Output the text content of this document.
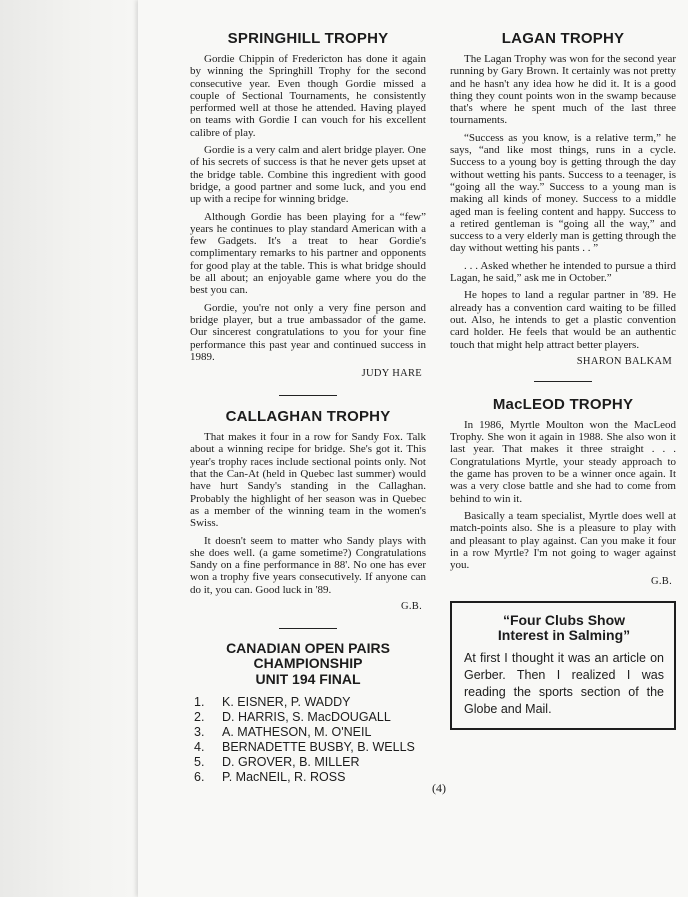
SPRINGHILL TROPHY

Gordie Chippin of Fredericton has done it again by winning the Springhill Trophy for the second consecutive year. Even though Gordie missed a couple of Sectional Tournaments, he consistently performed well at those he attended. Having played on teams with Gordie I can vouch for his excellent calibre of play.

Gordie is a very calm and alert bridge player. One of his secrets of success is that he never gets upset at the bridge table. Combine this ingredient with good bridge, a good partner and some luck, and you end up with a recipe for winning bridge.

Although Gordie has been playing for a “few” years he continues to play standard American with a few Gadgets. It's a treat to hear Gordie's complimentary remarks to his partner and opponents for good play at the table. This is what bridge should be all about; an enjoyable game where you do the best you can.

Gordie, you're not only a very fine person and bridge player, but a true ambassador of the game. Our sincerest congratulations to you for your fine performance this past year and continued success in 1989.

JUDY HARE
CALLAGHAN TROPHY

That makes it four in a row for Sandy Fox. Talk about a winning recipe for bridge. She's got it. This year's trophy races include sectional points only. Not that the Can-At (held in Quebec last summer) would have hurt Sandy's standing in the Callaghan. Probably the highlight of her season was in Quebec as a member of the winning team in the women's Swiss.

It doesn't seem to matter who Sandy plays with she does well. (a game sometime?) Congratulations Sandy on a fine performance in 88'. No one has ever won a trophy five years consecutively. If anyone can do it, you can. Good luck in '89.

G.B.
CANADIAN OPEN PAIRS
CHAMPIONSHIP
UNIT 194 FINAL
1.	K. EISNER, P. WADDY
2.	D. HARRIS, S. MacDOUGALL
3.	A. MATHESON, M. O'NEIL
4.	BERNADETTE BUSBY, B. WELLS
5.	D. GROVER, B. MILLER
6.	P. MacNEIL, R. ROSS
LAGAN TROPHY

The Lagan Trophy was won for the second year running by Gary Brown. It certainly was not pretty and he hasn't any idea how he did it. It is a good thing they count points won in the swamp because that's where he spent much of the last three tournaments.

“Success as you know, is a relative term,” he says, “and like most things, runs in a cycle. Success to a young boy is getting through the day without wetting his pants. Success to a teenager, is “going all the way.” Success to a young man is making all kinds of money. Success to a middle aged man is feeling content and happy. Success to a retired gentleman is “going all the way,” and success to a very elderly man is getting through the day without wetting his pants . . ”

. . . Asked whether he intended to pursue a third Lagan, he said,” ask me in October.”

He hopes to land a regular partner in '89. He already has a convention card waiting to be filled out. Also, he intends to get a plastic convention card holder. He feels that would be an authentic touch that might help attract better players.

SHARON BALKAM
MacLEOD TROPHY

In 1986, Myrtle Moulton won the MacLeod Trophy. She won it again in 1988. She also won it last year. That makes it three straight . . . Congratulations Myrtle, your steady approach to the game has proven to be a winner once again. It was a very close battle and she had to come from behind to win it.

Basically a team specialist, Myrtle does well at match-points also. She is a pleasure to play with and pleasant to play against. Can you make it four in a row Myrtle? I'm not going to wager against you.

G.B.
“Four Clubs Show
Interest in Salming”

At first I thought it was an article on Gerber. Then I realized I was reading the sports section of the Globe and Mail.

(4)
